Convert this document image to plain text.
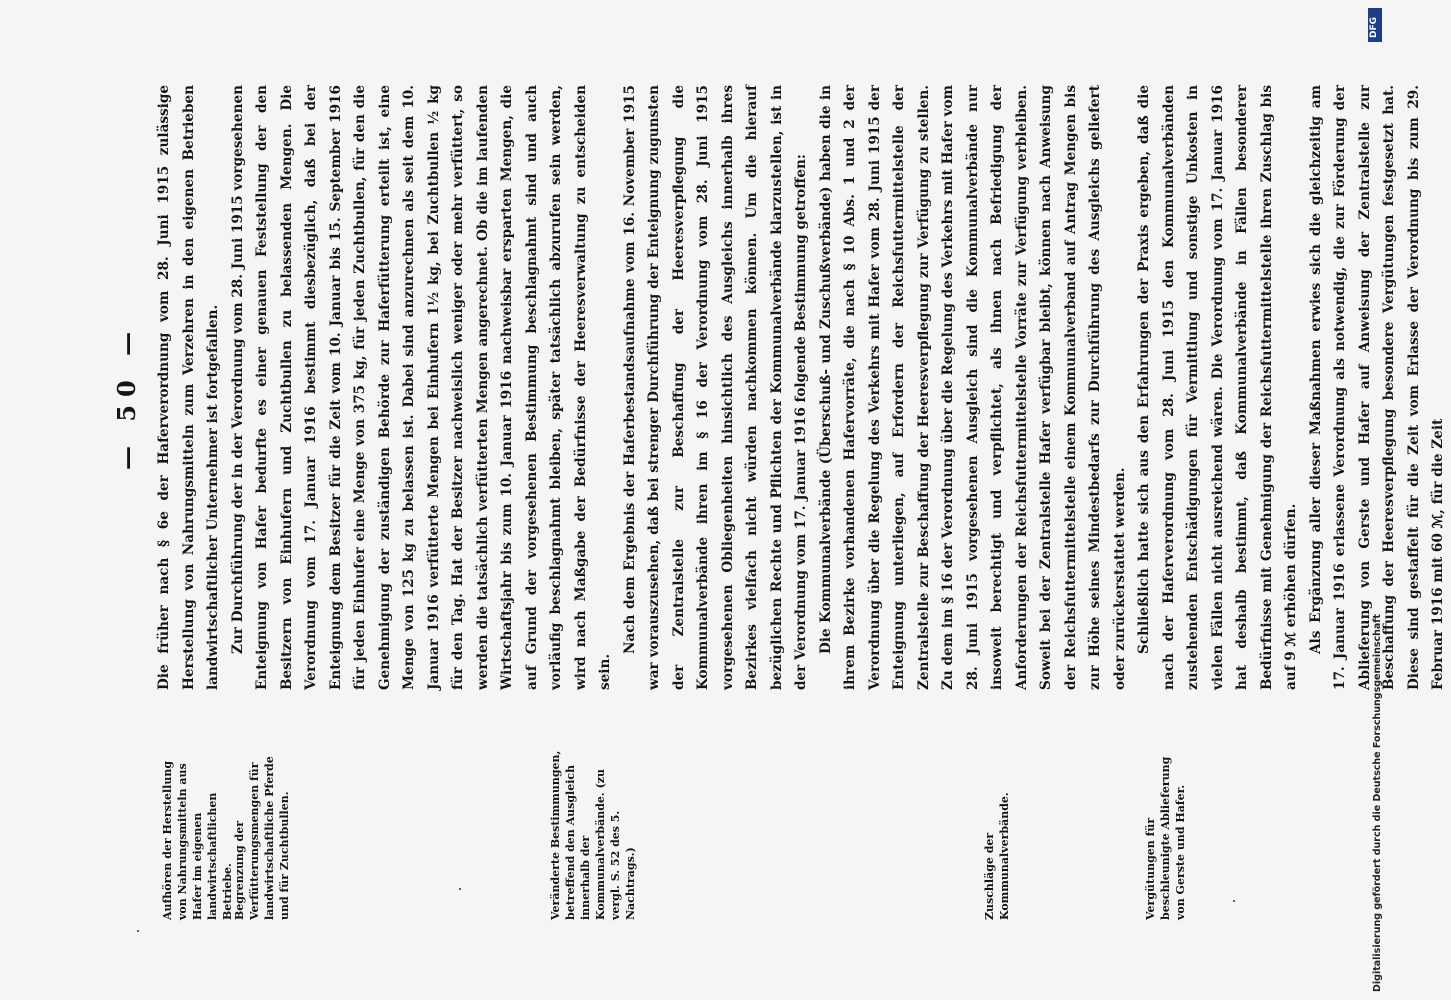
— 50 —
Aufhören der Herstellung von Nahrungsmitteln aus Hafer im eigenen landwirtschaftlichen Betriebe. Begrenzung der Verfütterungsmengen für landwirtschaftliche Pferde und für Zuchtbullen.	Veränderte Bestimmungen, betreffend den Ausgleich innerhalb der Kommunalverbände. (zu vergl. S. 52 des 5. Nachtrags.)	Zuschläge der Kommunalverbände.	Vergütungen für beschleunigte Ablieferung von Gerste und Hafer.

Die früher nach § 6e der Haferverordnung vom 28. Juni 1915 zulässige Herstellung von Nahrungsmitteln zum Verzehren in den eigenen Betrieben landwirtschaftlicher Unternehmer ist fortgefallen. Zur Durchführung der in der Verordnung vom 28. Juni 1915 vorgesehenen Enteignung von Hafer bedurfte es einer genauen Feststellung der den Besitzern von Einhufern und Zuchtbullen zu belassenden Mengen. Die Verordnung vom 17. Januar 1916 bestimmt diesbezüglich, daß bei der Enteignung dem Besitzer für die Zeit vom 10. Januar bis 15. September 1916 für jeden Einhufer eine Menge von 375 kg, für jeden Zuchtbullen, für den die Genehmigung der zuständigen Behörde zur Haferfütterung erteilt ist, eine Menge von 125 kg zu belassen ist. Dabei sind anzurechnen als seit dem 10. Januar 1916 verfütterte Mengen bei Einhufern 1½ kg, bei Zuchtbullen ½ kg für den Tag. Hat der Besitzer nachweislich weniger oder mehr verfüttert, so werden die tatsächlich verfütterten Mengen angerechnet. Ob die im laufenden Wirtschaftsjahr bis zum 10. Januar 1916 nachweisbar ersparten Mengen, die auf Grund der vorgesehenen Bestimmung beschlagnahmt sind und auch vorläufig beschlagnahmt bleiben, später tatsächlich abzurufen sein werden, wird nach Maßgabe der Bedürfnisse der Heeresverwaltung zu entscheiden sein.

Nach dem Ergebnis der Haferbestandsaufnahme vom 16. November 1915 war vorauszusehen, daß bei strenger Durchführung der Enteignung zugunsten der Zentralstelle zur Beschaffung der Heeresverpflegung die Kommunalverbände ihren im § 16 der Verordnung vom 28. Juni 1915 vorgesehenen Obliegenheiten hinsichtlich des Ausgleichs innerhalb ihres Bezirkes vielfach nicht würden nachkommen können. Um die hierauf bezüglichen Rechte und Pflichten der Kommunalverbände klarzustellen, ist in der Verordnung vom 17. Januar 1916 folgende Bestimmung getroffen: Die Kommunalverbände (Überschuß- und Zuschußverbände) haben die in ihrem Bezirke vorhandenen Hafervorräte, die nach § 10 Abs. 1 und 2 der Verordnung über die Regelung des Verkehrs mit Hafer vom 28. Juni 1915 der Enteignung unterliegen, auf Erfordern der Reichsfuttermittelstelle der Zentralstelle zur Beschaffung der Heeresverpflegung zur Verfügung zu stellen. Zu dem im § 16 der Verordnung über die Regelung des Verkehrs mit Hafer vom 28. Juni 1915 vorgesehenen Ausgleich sind die Kommunalverbände nur insoweit berechtigt und verpflichtet, als ihnen nach Befriedigung der Anforderungen der Reichsfuttermittelstelle Vorräte zur Verfügung verbleiben. Soweit bei der Zentralstelle Hafer verfügbar bleibt, können nach Anweisung der Reichsfuttermittelstelle einem Kommunalverband auf Antrag Mengen bis zur Höhe seines Mindestbedarfs zur Durchführung des Ausgleichs geliefert oder zurückerstattet werden. Schließlich hatte sich aus den Erfahrungen der Praxis ergeben, daß die nach der Haferverordnung vom 28. Juni 1915 den Kommunalverbänden zustehenden Entschädigungen für Vermittlung und sonstige Unkosten in vielen Fällen nicht ausreichend wären. Die Verordnung vom 17. Januar 1916 hat deshalb bestimmt, daß Kommunalverbände in Fällen besonderer Bedürfnisse mit Genehmigung der Reichsfuttermittelstelle ihren Zuschlag bis auf 9 ℳ erhöhen dürfen. Als Ergänzung aller dieser Maßnahmen erwies sich die gleichzeitig am 17. Januar 1916 erlassene Verordnung als notwendig, die zur Förderung der Ablieferung von Gerste und Hafer auf Anweisung der Zentralstelle zur Beschaffung der Heeresverpflegung besondere Vergütungen festgesetzt hat. Diese sind gestaffelt für die Zeit vom Erlasse der Verordnung bis zum 29. Februar 1916 mit 60 ℳ, für die Zeit

Digitalisierung gefördert durch die Deutsche Forschungsgemeinschaft
DFG
